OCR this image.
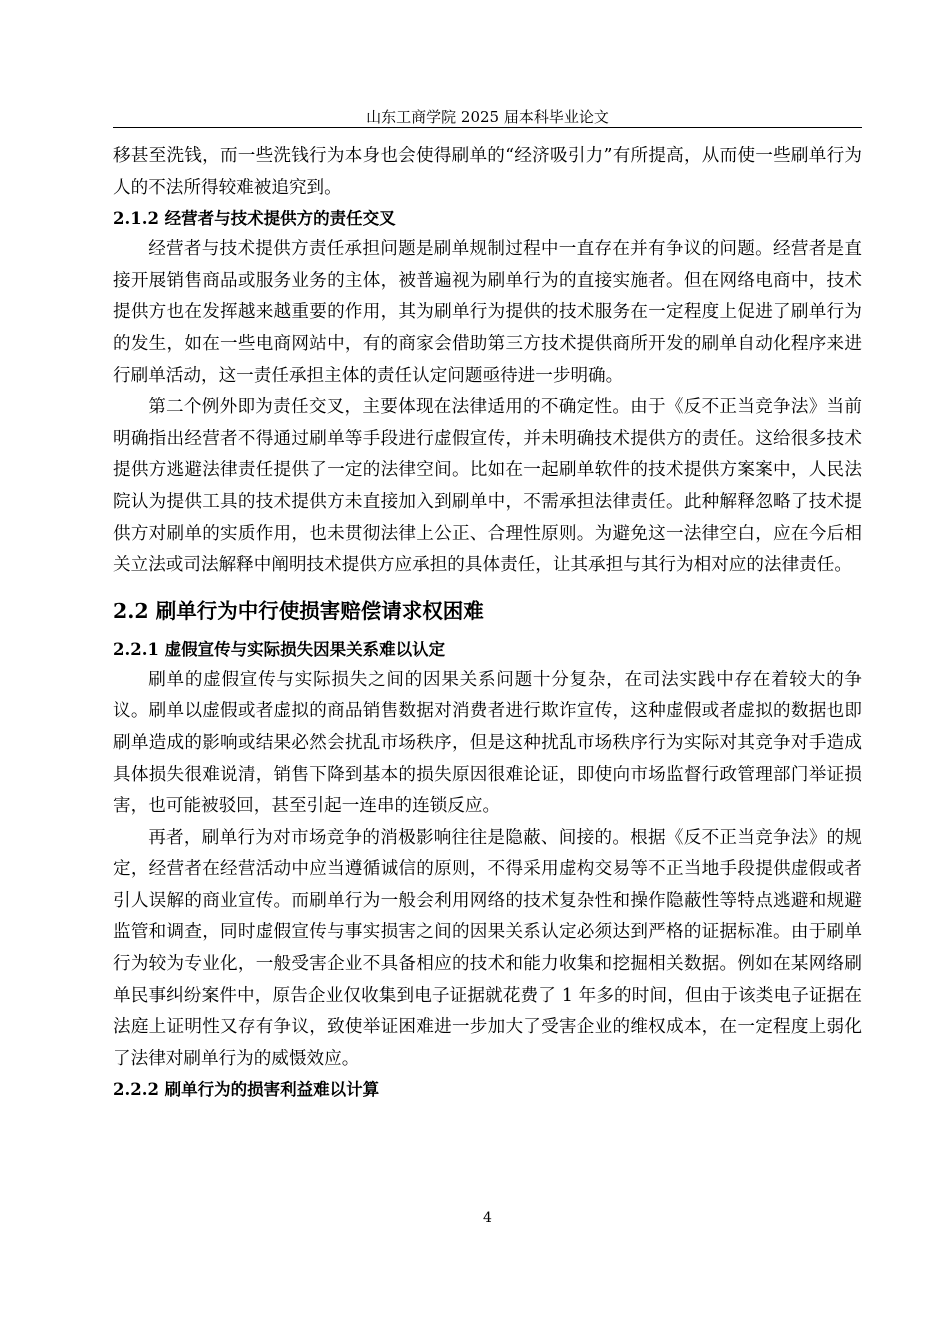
山东工商学院 2025 届本科毕业论文

移甚至洗钱，而一些洗钱行为本身也会使得刷单的“经济吸引力”有所提高，从而使一些刷单行为人的不法所得较难被追究到。

2.1.2 经营者与技术提供方的责任交叉

经营者与技术提供方责任承担问题是刷单规制过程中一直存在并有争议的问题。经营者是直接开展销售商品或服务业务的主体，被普遍视为刷单行为的直接实施者。但在网络电商中，技术提供方也在发挥越来越重要的作用，其为刷单行为提供的技术服务在一定程度上促进了刷单行为的发生，如在一些电商网站中，有的商家会借助第三方技术提供商所开发的刷单自动化程序来进行刷单活动，这一责任承担主体的责任认定问题亟待进一步明确。

第二个例外即为责任交叉，主要体现在法律适用的不确定性。由于《反不正当竞争法》当前明确指出经营者不得通过刷单等手段进行虚假宣传，并未明确技术提供方的责任。这给很多技术提供方逃避法律责任提供了一定的法律空间。比如在一起刷单软件的技术提供方案案中，人民法院认为提供工具的技术提供方未直接加入到刷单中，不需承担法律责任。此种解释忽略了技术提供方对刷单的实质作用，也未贯彻法律上公正、合理性原则。为避免这一法律空白，应在今后相关立法或司法解释中阐明技术提供方应承担的具体责任，让其承担与其行为相对应的法律责任。

2.2 刷单行为中行使损害赔偿请求权困难
2.2.1 虚假宣传与实际损失因果关系难以认定

刷单的虚假宣传与实际损失之间的因果关系问题十分复杂，在司法实践中存在着较大的争议。刷单以虚假或者虚拟的商品销售数据对消费者进行欺诈宣传，这种虚假或者虚拟的数据也即刷单造成的影响或结果必然会扰乱市场秩序，但是这种扰乱市场秩序行为实际对其竞争对手造成具体损失很难说清，销售下降到基本的损失原因很难论证，即使向市场监督行政管理部门举证损害，也可能被驳回，甚至引起一连串的连锁反应。

再者，刷单行为对市场竞争的消极影响往往是隐蔽、间接的。根据《反不正当竞争法》的规定，经营者在经营活动中应当遵循诚信的原则，不得采用虚构交易等不正当地手段提供虚假或者引人误解的商业宣传。而刷单行为一般会利用网络的技术复杂性和操作隐蔽性等特点逃避和规避监管和调查，同时虚假宣传与事实损害之间的因果关系认定必须达到严格的证据标准。由于刷单行为较为专业化，一般受害企业不具备相应的技术和能力收集和挖掘相关数据。例如在某网络刷单民事纠纷案件中，原告企业仅收集到电子证据就花费了 1 年多的时间，但由于该类电子证据在法庭上证明性又存有争议，致使举证困难进一步加大了受害企业的维权成本，在一定程度上弱化了法律对刷单行为的威慑效应。

2.2.2 刷单行为的损害利益难以计算
4
